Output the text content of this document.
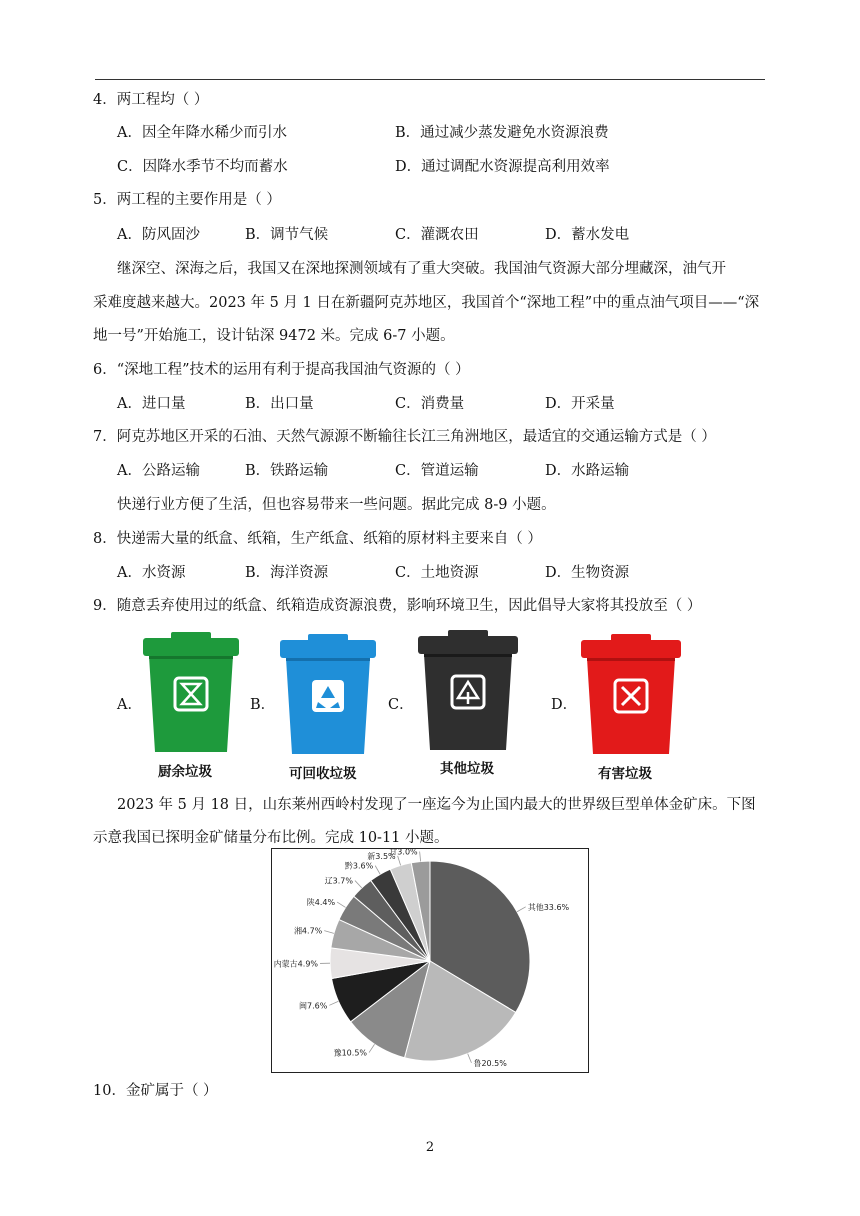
4．两工程均（ ）
A．因全年降水稀少而引水	B．通过减少蒸发避免水资源浪费
C．因降水季节不均而蓄水	D．通过调配水资源提高利用效率
5．两工程的主要作用是（ ）
A．防风固沙	B．调节气候	C．灌溉农田	D．蓄水发电
继深空、深海之后，我国又在深地探测领域有了重大突破。我国油气资源大部分埋藏深，油气开
采难度越来越大。2023 年 5 月 1 日在新疆阿克苏地区，我国首个“深地工程”中的重点油气项目——“深
地一号”开始施工，设计钻深 9472 米。完成 6-7 小题。
6．“深地工程”技术的运用有利于提高我国油气资源的（ ）
A．进口量	B．出口量	C．消费量	D．开采量
7．阿克苏地区开采的石油、天然气源源不断输往长江三角洲地区，最适宜的交通运输方式是（ ）
A．公路运输	B．铁路运输	C．管道运输	D．水路运输
快递行业方便了生活，但也容易带来一些问题。据此完成 8-9 小题。
8．快递需大量的纸盒、纸箱，生产纸盒、纸箱的原材料主要来自（ ）
A．水资源	B．海洋资源	C．土地资源	D．生物资源
9．随意丢弃使用过的纸盒、纸箱造成资源浪费，影响环境卫生，因此倡导大家将其投放至（ ）
A．
厨余垃圾
B．
可回收垃圾
C．
其他垃圾
D．
有害垃圾
2023 年 5 月 18 日，山东莱州西岭村发现了一座迄今为止国内最大的世界级巨型单体金矿床。下图
示意我国已探明金矿储量分布比例。完成 10-11 小题。
其他33.6%
鲁20.5%
豫10.5%
闽7.6%
内蒙古4.9%
湘4.7%
陕4.4%
辽3.7%
黔3.6%
新3.5%
甘3.0%
10．金矿属于（ ）
2
